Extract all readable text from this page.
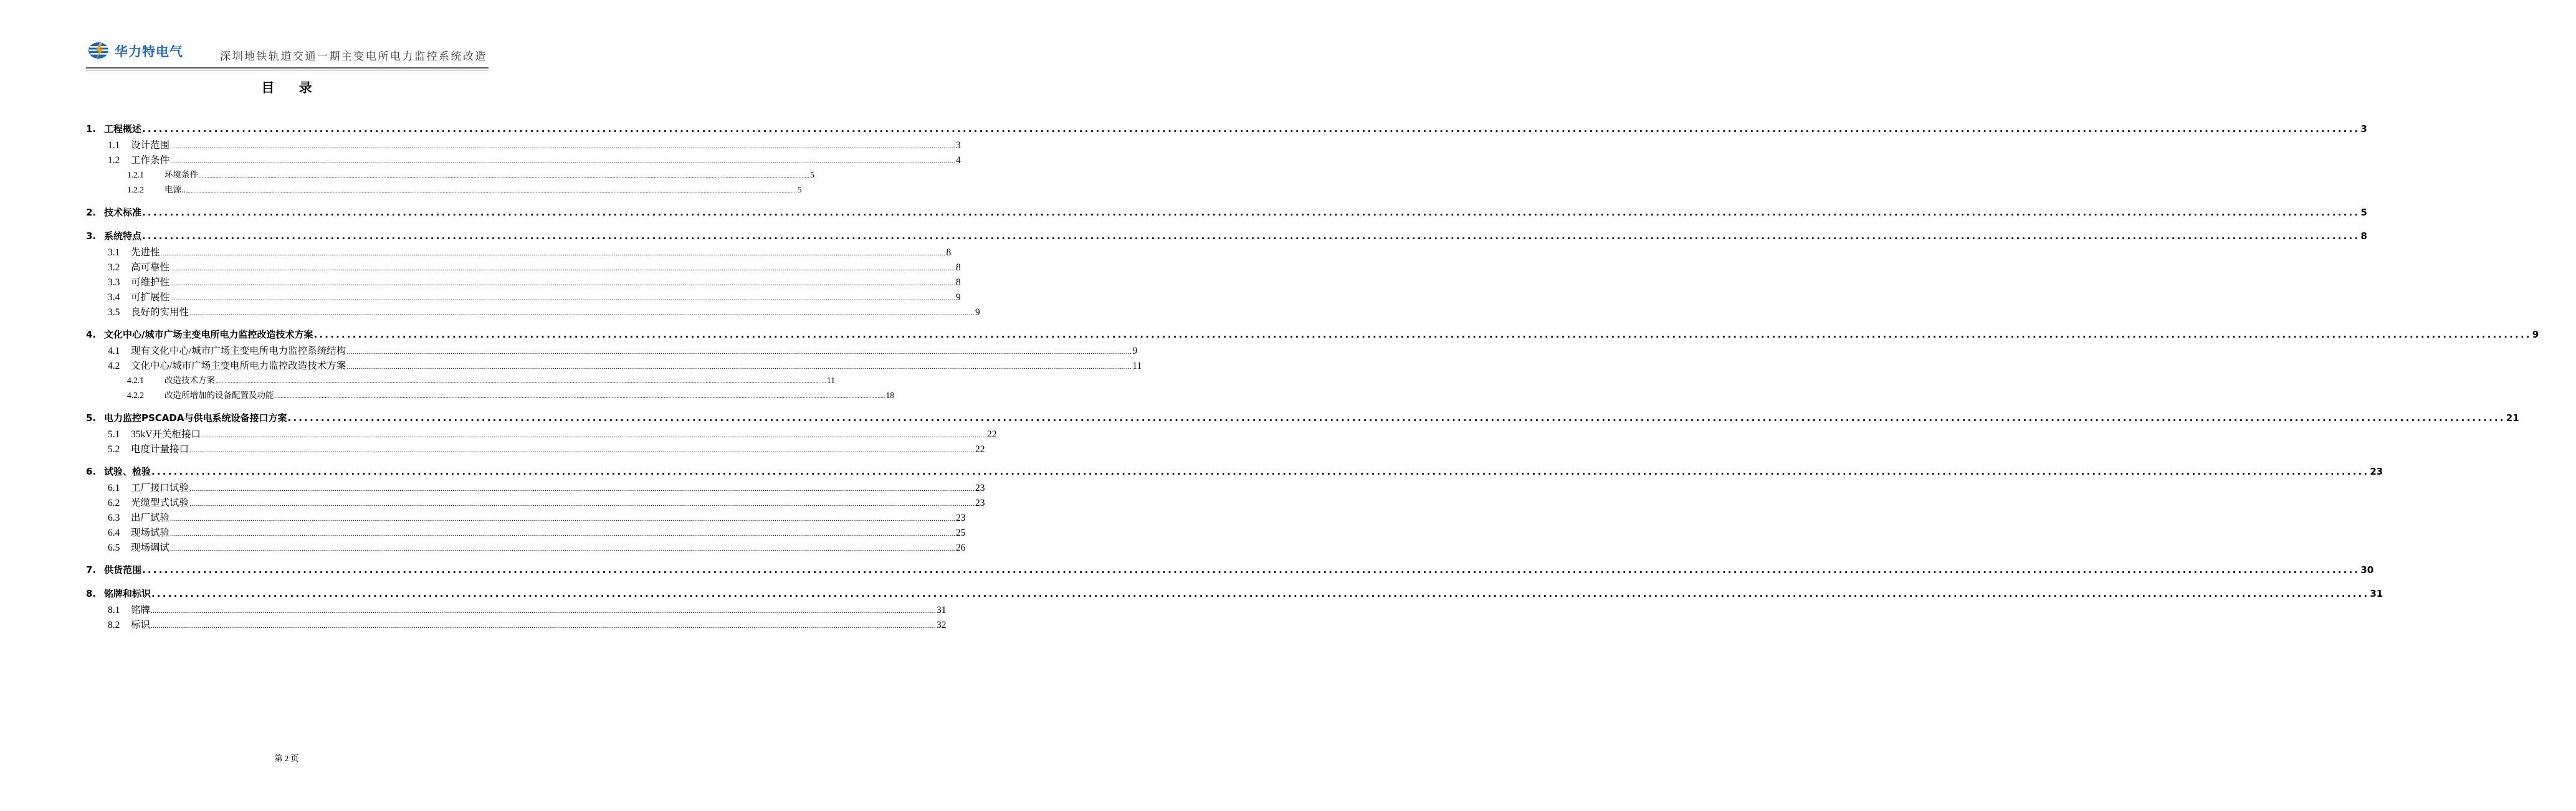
华力特电气	深圳地铁轨道交通一期主变电所电力监控系统改造
目 录
1. 工程概述 ................................................................................................................................................................................................................................................................................................................................................................................................................ 3
1.1	设计范围 ................................................................................................................................................................................................................................................................................................................................................................................................................ 3
1.2	工作条件 ................................................................................................................................................................................................................................................................................................................................................................................................................ 4
1.2.1	环境条件 ................................................................................................................................................................................................................................................................................................................................................................................................................ 5
1.2.2	电源.. ................................................................................................................................................................................................................................................................................................................................................................................................................ 5
2. 技术标准 ................................................................................................................................................................................................................................................................................................................................................................................................................ 5
3. 系统特点 ................................................................................................................................................................................................................................................................................................................................................................................................................ 8
3.1	先进性 ................................................................................................................................................................................................................................................................................................................................................................................................................ 8
3.2	高可靠性 ................................................................................................................................................................................................................................................................................................................................................................................................................ 8
3.3	可维护性 ................................................................................................................................................................................................................................................................................................................................................................................................................ 8
3.4	可扩展性 ................................................................................................................................................................................................................................................................................................................................................................................................................ 9
3.5	良好的实用性 ................................................................................................................................................................................................................................................................................................................................................................................................................ 9
4. 文化中心/城市广场主变电所电力监控改造技术方案 ................................................................................................................................................................................................................................................................................................................................................................................................................ 9
4.1	现有文化中心/城市广场主变电所电力监控系统结构 ................................................................................................................................................................................................................................................................................................................................................................................................................ 9
4.2	文化中心/城市广场主变电所电力监控改造技术方案 ................................................................................................................................................................................................................................................................................................................................................................................................................ 11
4.2.1	改造技术方案 ................................................................................................................................................................................................................................................................................................................................................................................................................ 11
4.2.2	改造所增加的设备配置及功能 ................................................................................................................................................................................................................................................................................................................................................................................................................ 18
5. 电力监控PSCADA与供电系统设备接口方案 ................................................................................................................................................................................................................................................................................................................................................................................................................ 21
5.1	35kV开关柜接口 ................................................................................................................................................................................................................................................................................................................................................................................................................ 22
5.2	电度计量接口 ................................................................................................................................................................................................................................................................................................................................................................................................................ 22
6. 试验、检验 ................................................................................................................................................................................................................................................................................................................................................................................................................ 23
6.1	工厂接口试验 ................................................................................................................................................................................................................................................................................................................................................................................................................ 23
6.2	光缆型式试验 ................................................................................................................................................................................................................................................................................................................................................................................................................ 23
6.3	出厂试验 ................................................................................................................................................................................................................................................................................................................................................................................................................ 23
6.4	现场试验 ................................................................................................................................................................................................................................................................................................................................................................................................................ 25
6.5	现场调试 ................................................................................................................................................................................................................................................................................................................................................................................................................ 26
7. 供货范围 ................................................................................................................................................................................................................................................................................................................................................................................................................ 30
8. 铭牌和标识 ................................................................................................................................................................................................................................................................................................................................................................................................................ 31
8.1	铭牌 ................................................................................................................................................................................................................................................................................................................................................................................................................ 31
8.2	标识 ................................................................................................................................................................................................................................................................................................................................................................................................................ 32
第 2 页
